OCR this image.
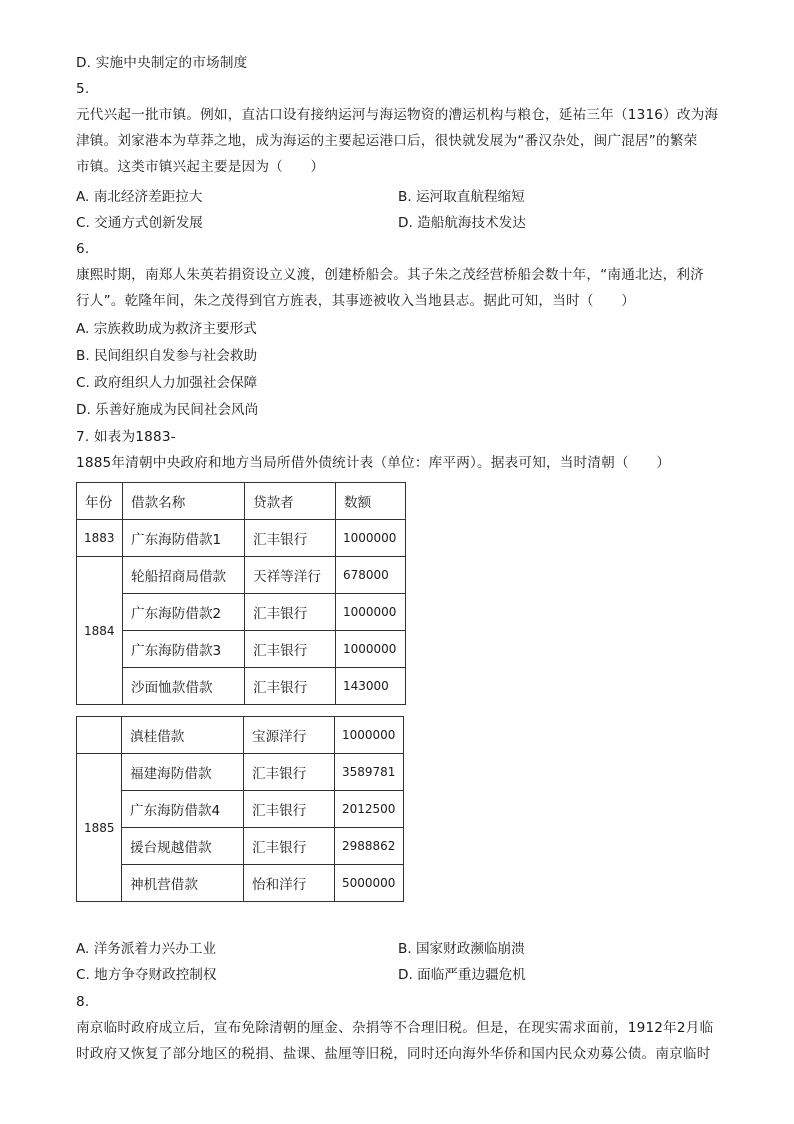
D. 实施中央制定的市场制度
5.
元代兴起一批市镇。例如，直沽口设有接纳运河与海运物资的漕运机构与粮仓，延祐三年（1316）改为海
津镇。刘家港本为草莽之地，成为海运的主要起运港口后，很快就发展为“番汉杂处，闽广混居”的繁荣
市镇。这类市镇兴起主要是因为（　　）
A. 南北经济差距拉大	B. 运河取直航程缩短
C. 交通方式创新发展	D. 造船航海技术发达
6.
康熙时期，南郑人朱英若捐资设立义渡，创建桥船会。其子朱之茂经营桥船会数十年，“南通北达，利济
行人”。乾隆年间，朱之茂得到官方旌表，其事迹被收入当地县志。据此可知，当时（　　）
A. 宗族救助成为救济主要形式
B. 民间组织自发参与社会救助
C. 政府组织人力加强社会保障
D. 乐善好施成为民间社会风尚
7. 如表为1883-
1885年清朝中央政府和地方当局所借外债统计表（单位：库平两）。据表可知，当时清朝（　　）
年份	借款名称	贷款者	数额
1883	广东海防借款1	汇丰银行	1000000
1884	轮船招商局借款	天祥等洋行	678000
	广东海防借款2	汇丰银行	1000000
	广东海防借款3	汇丰银行	1000000
	沙面恤款借款	汇丰银行	143000
	滇桂借款	宝源洋行	1000000
1885	福建海防借款	汇丰银行	3589781
	广东海防借款4	汇丰银行	2012500
	援台规越借款	汇丰银行	2988862
	神机营借款	怡和洋行	5000000
A. 洋务派着力兴办工业	B. 国家财政濒临崩溃
C. 地方争夺财政控制权	D. 面临严重边疆危机
8.
南京临时政府成立后，宣布免除清朝的厘金、杂捐等不合理旧税。但是，在现实需求面前，1912年2月临
时政府又恢复了部分地区的税捐、盐课、盐厘等旧税，同时还向海外华侨和国内民众劝募公债。南京临时
